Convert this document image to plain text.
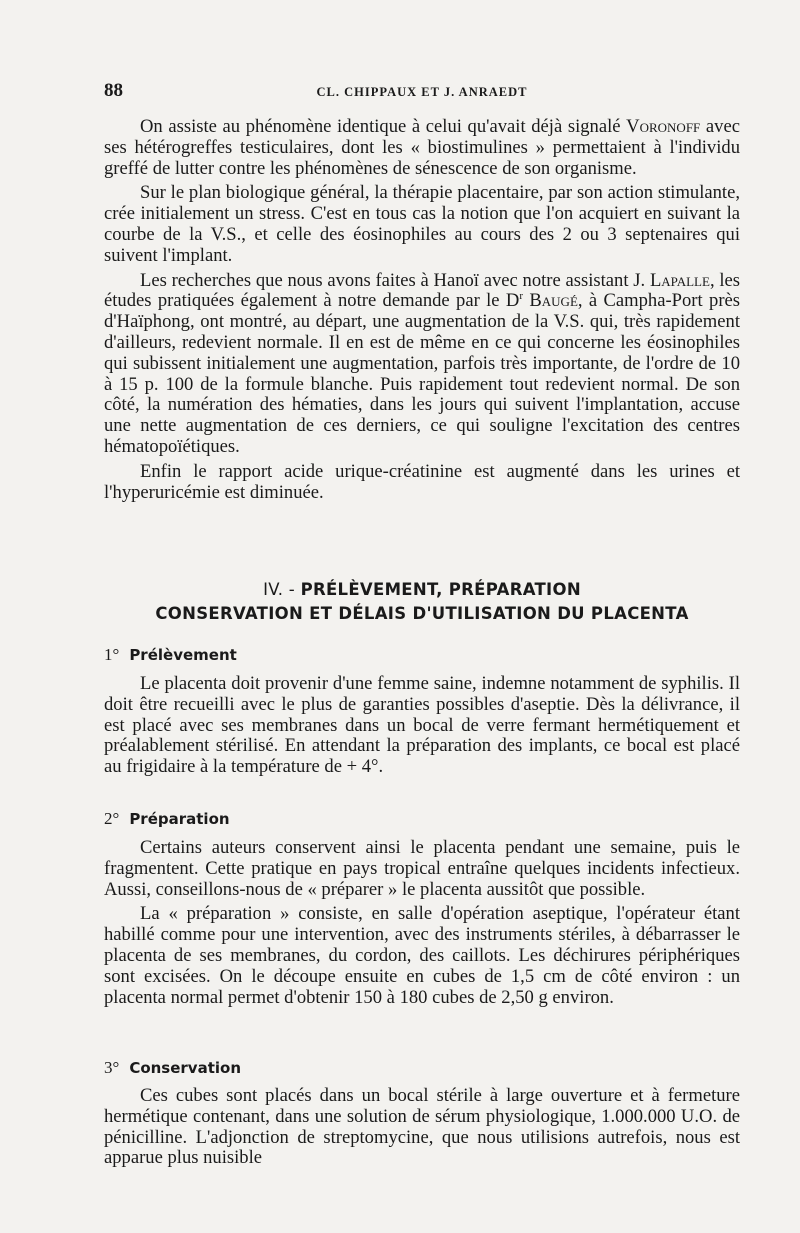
88	CL. CHIPPAUX ET J. ANRAEDT

On assiste au phénomène identique à celui qu'avait déjà signalé Voronoff avec ses hétérogreffes testiculaires, dont les « biostimulines » permettaient à l'individu greffé de lutter contre les phénomènes de sénescence de son organisme.

Sur le plan biologique général, la thérapie placentaire, par son action stimulante, crée initialement un stress. C'est en tous cas la notion que l'on acquiert en suivant la courbe de la V.S., et celle des éosinophiles au cours des 2 ou 3 septenaires qui suivent l'implant.

Les recherches que nous avons faites à Hanoï avec notre assistant J. Lapalle, les études pratiquées également à notre demande par le $D^r$ Baugé, à Campha-Port près d'Haïphong, ont montré, au départ, une augmentation de la V.S. qui, très rapidement d'ailleurs, redevient normale. Il en est de même en ce qui concerne les éosinophiles qui subissent initialement une augmentation, parfois très importante, de l'ordre de 10 à 15 p. 100 de la formule blanche. Puis rapidement tout redevient normal. De son côté, la numération des hématies, dans les jours qui suivent l'implantation, accuse une nette augmentation de ces derniers, ce qui souligne l'excitation des centres hématopoïétiques.

Enfin le rapport acide urique-créatinine est augmenté dans les urines et l'hyperuricémie est diminuée.

IV. - PRÉLÈVEMENT, PRÉPARATION
CONSERVATION ET DÉLAIS D'UTILISATION DU PLACENTA
1° Prélèvement

Le placenta doit provenir d'une femme saine, indemne notamment de syphilis. Il doit être recueilli avec le plus de garanties possibles d'aseptie. Dès la délivrance, il est placé avec ses membranes dans un bocal de verre fermant hermétiquement et préalablement stérilisé. En attendant la préparation des implants, ce bocal est placé au frigidaire à la température de + 4°.

2° Préparation

Certains auteurs conservent ainsi le placenta pendant une semaine, puis le fragmentent. Cette pratique en pays tropical entraîne quelques incidents infectieux. Aussi, conseillons-nous de « préparer » le placenta aussitôt que possible.

La « préparation » consiste, en salle d'opération aseptique, l'opérateur étant habillé comme pour une intervention, avec des instruments stériles, à débarrasser le placenta de ses membranes, du cordon, des caillots. Les déchirures périphériques sont excisées. On le découpe ensuite en cubes de 1,5 cm de côté environ : un placenta normal permet d'obtenir 150 à 180 cubes de 2,50 g environ.

3° Conservation

Ces cubes sont placés dans un bocal stérile à large ouverture et à fermeture hermétique contenant, dans une solution de sérum physiologique, 1.000.000 U.O. de pénicilline. L'adjonction de streptomycine, que nous utilisions autrefois, nous est apparue plus nuisible
